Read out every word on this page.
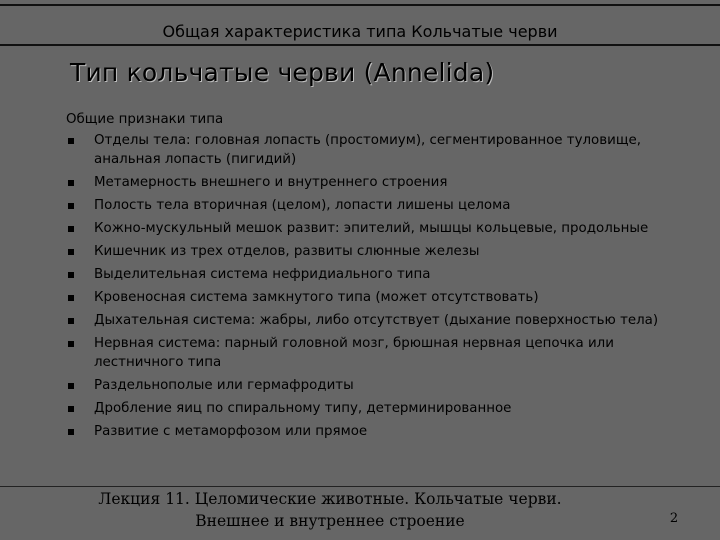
Общая характеристика типа Кольчатые черви
Тип кольчатые черви (Annelida)

Общие признаки типа

Отделы тела: головная лопасть (простомиум), сегментированное туловище, анальная лопасть (пигидий)
Метамерность внешнего и внутреннего строения
Полость тела вторичная (целом), лопасти лишены целома
Кожно-мускульный мешок развит: эпителий, мышцы кольцевые, продольные
Кишечник из трех отделов, развиты слюнные железы
Выделительная система нефридиального типа
Кровеносная система замкнутого типа (может отсутствовать)
Дыхательная система: жабры, либо отсутствует (дыхание поверхностью тела)
Нервная система: парный головной мозг, брюшная нервная цепочка или лестничного типа
Раздельнополые или гермафродиты
Дробление яиц по спиральному типу, детерминированное
Развитие с метаморфозом или прямое
Лекция 11. Целомические животные. Кольчатые черви.
Внешнее и внутреннее строение	2
